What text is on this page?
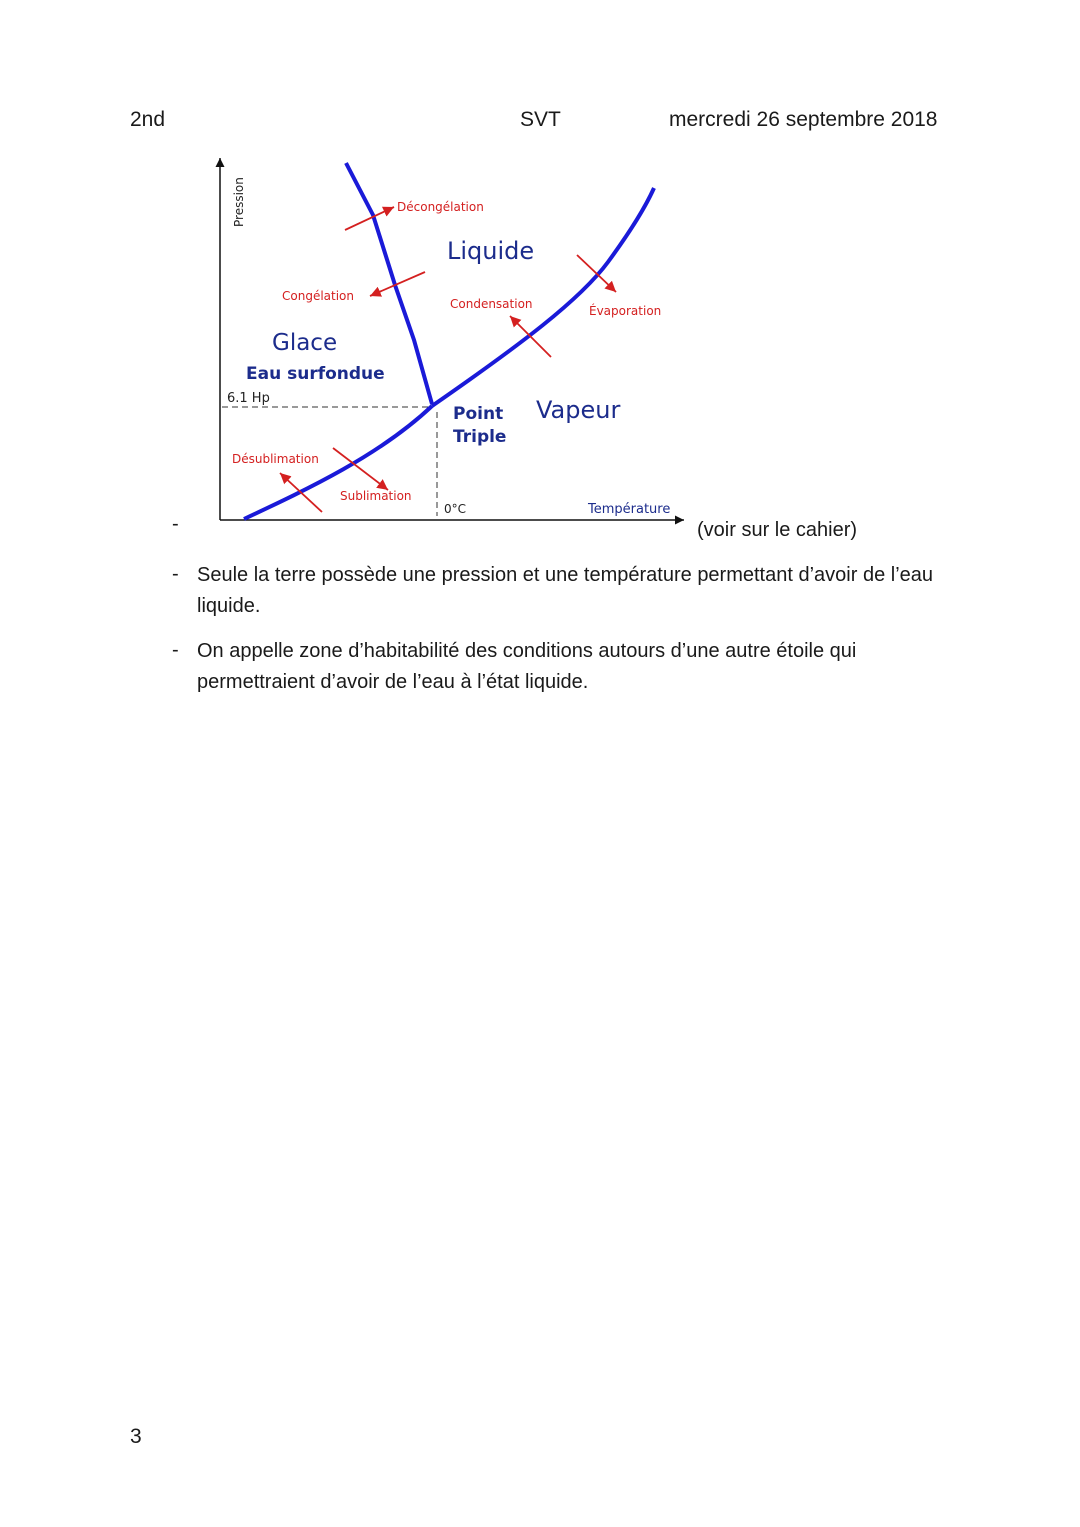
2nd	SVT	mercredi 26 septembre 2018
Pression
Température
6.1 Hp
0°C
Liquide
Glace
Eau surfondue
Vapeur
Point
Triple
Décongélation
Congélation
Condensation	Évaporation
Désublimation
Sublimation
-	(voir sur le cahier)
- Seule la terre possède une pression et une température permettant d’avoir de l’eau liquide.
- On appelle zone d’habitabilité des conditions autours d’une autre étoile qui permettraient d’avoir de l’eau à l’état liquide.
3
